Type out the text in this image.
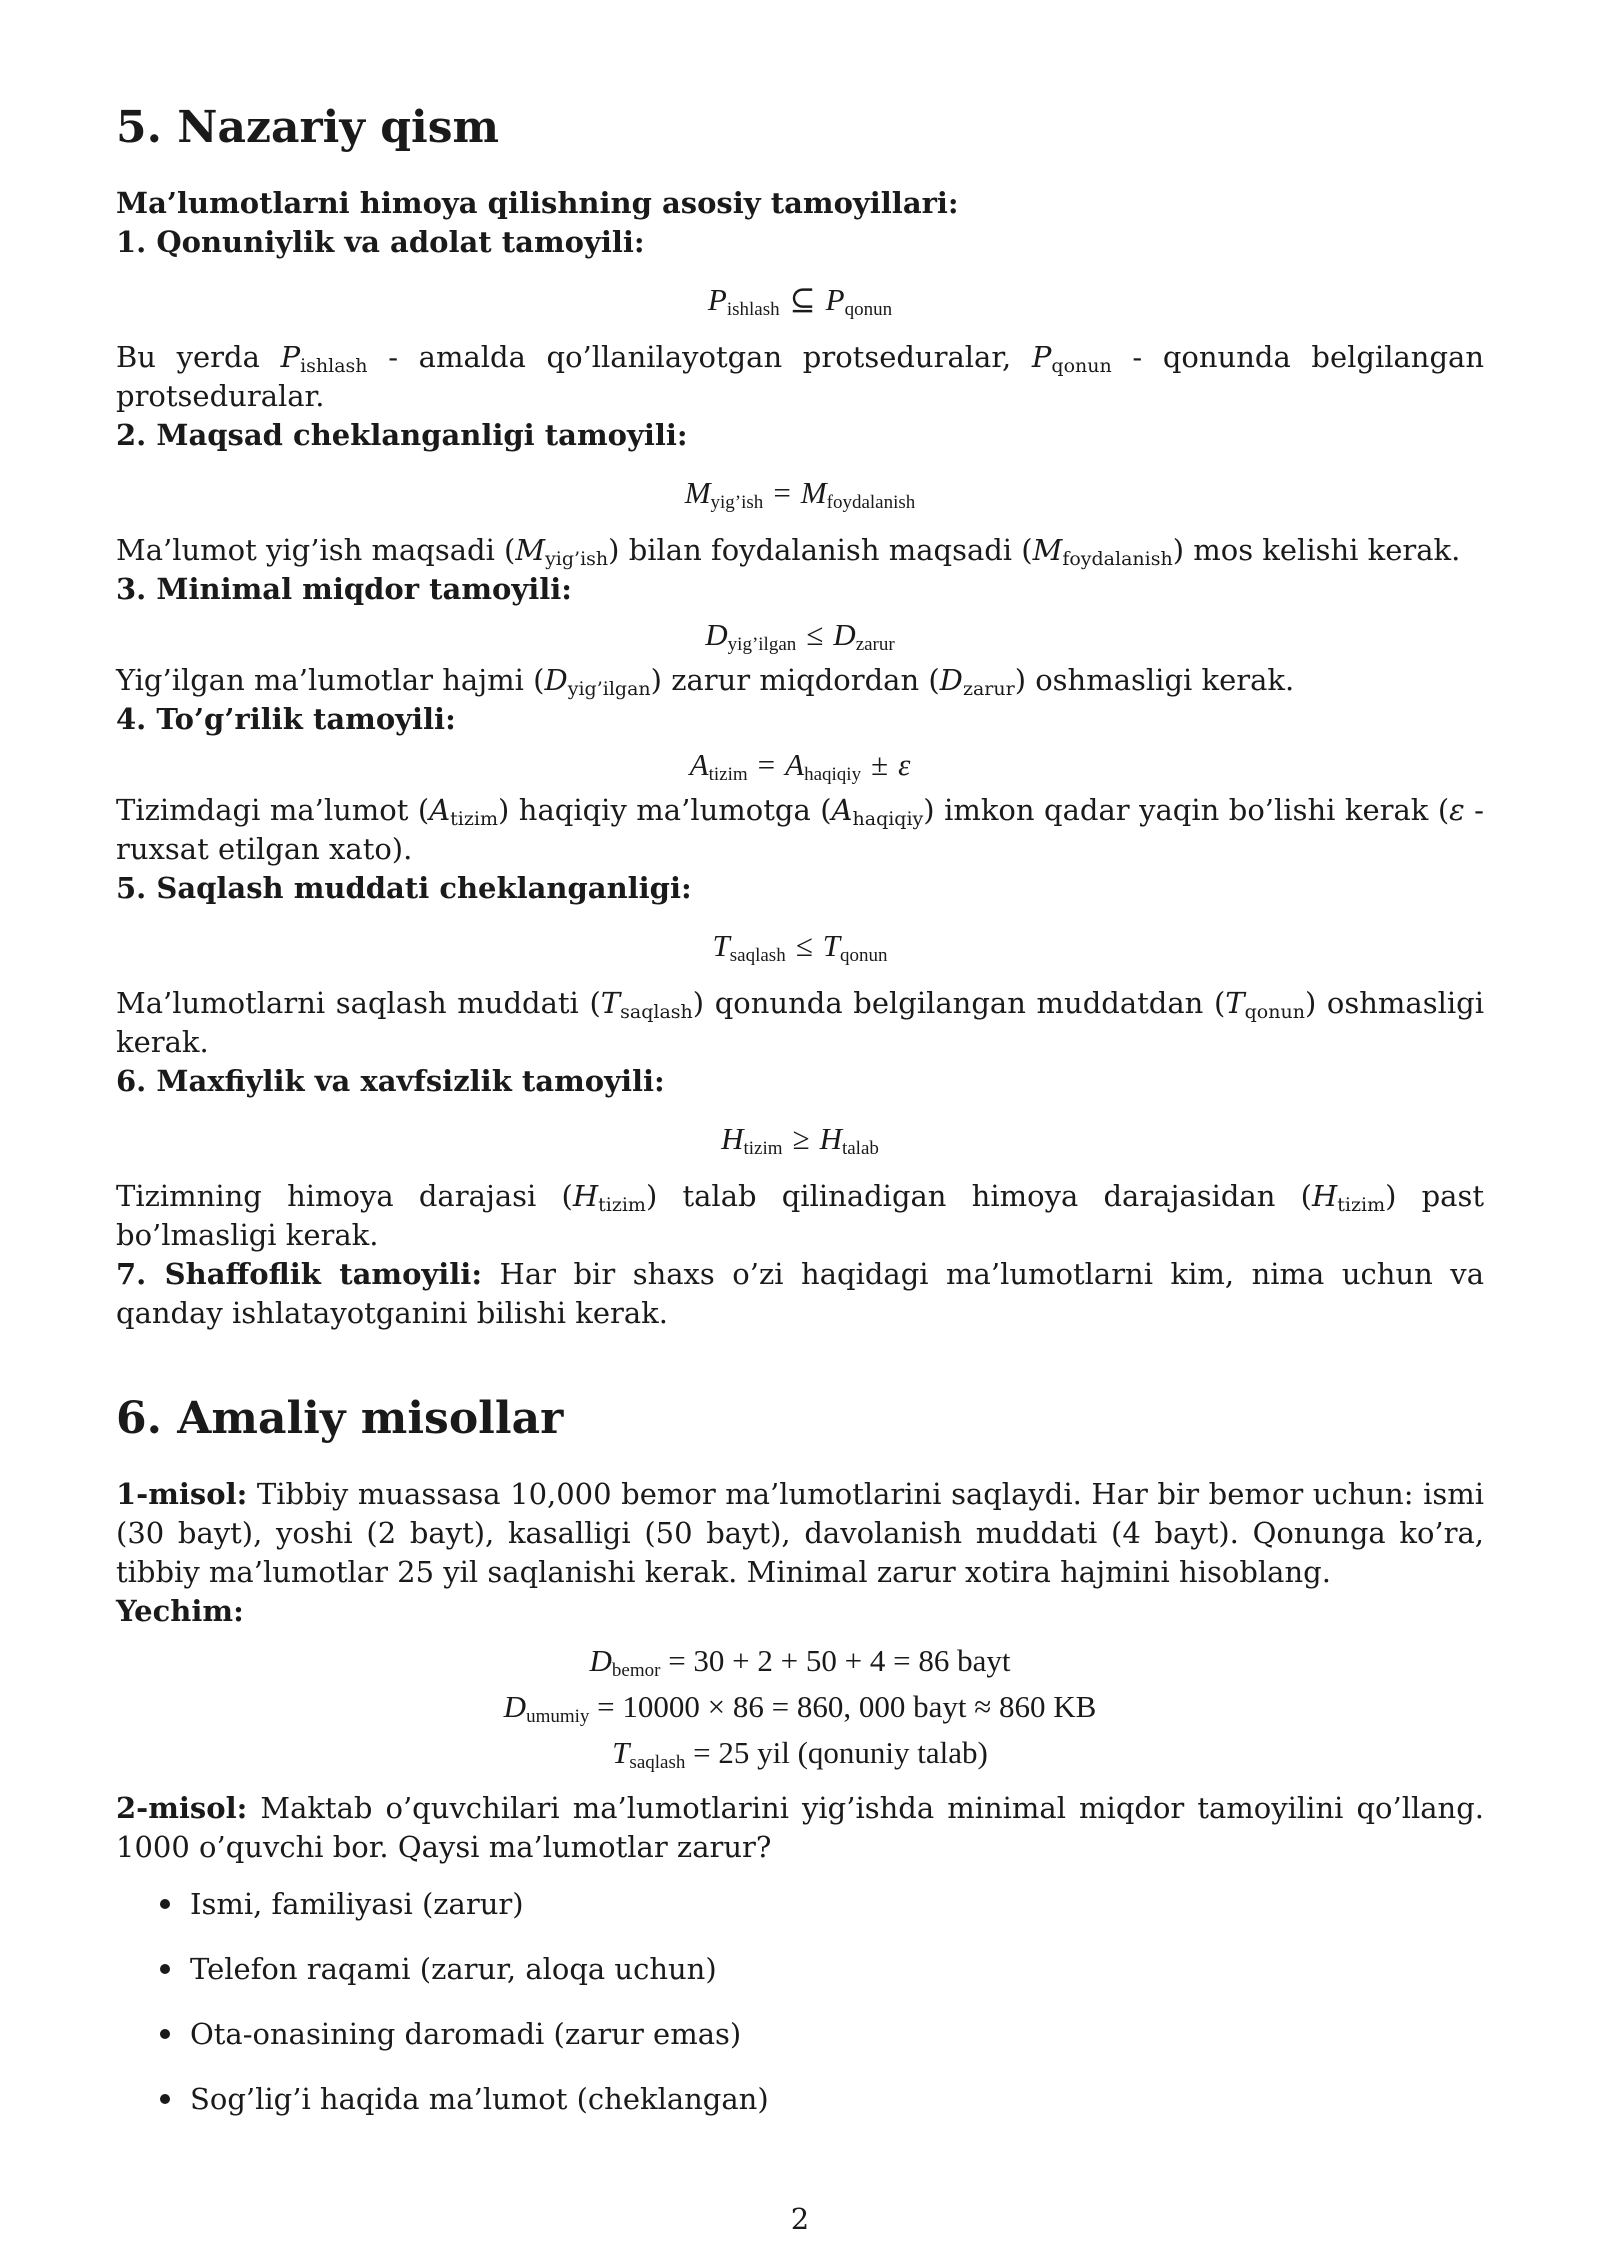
5. Nazariy qism

Ma’lumotlarni himoya qilishning asosiy tamoyillari:

1. Qonuniylik va adolat tamoyili:

$P_{ishlash}$ ⊆ $P_{qonun}$

Bu yerda $P_{ishlash}$ - amalda qo’llanilayotgan protseduralar, $P_{qonun}$ - qonunda belgilangan protseduralar.

2. Maqsad cheklanganligi tamoyili:

$M_{yig’ish} = M_{foydalanish}$

Ma’lumot yig’ish maqsadi $(M_{yig’ish})$ bilan foydalanish maqsadi $(M_{foydalanish})$ mos kelishi kerak.

3. Minimal miqdor tamoyili:

$D_{yig’ilgan} \le D_{zarur}$

Yig’ilgan ma’lumotlar hajmi $(D_{yig’ilgan})$ zarur miqdordan $(D_{zarur})$ oshmasligi kerak.

4. To’g’rilik tamoyili:

$A_{tizim} = A_{haqiqiy} \pm \varepsilon$

Tizimdagi ma’lumot $(A_{tizim})$ haqiqiy ma’lumotga $(A_{haqiqiy})$ imkon qadar yaqin bo’lishi kerak (ε - ruxsat etilgan xato).

5. Saqlash muddati cheklanganligi:

$T_{saqlash} \le T_{qonun}$

Ma’lumotlarni saqlash muddati $(T_{saqlash})$ qonunda belgilangan muddatdan $(T_{qonun})$ oshmasligi kerak.

6. Maxfiylik va xavfsizlik tamoyili:

$H_{tizim} \ge H_{talab}$

Tizimning himoya darajasi $(H_{tizim})$ talab qilinadigan himoya darajasidan $(H_{tizim})$ past bo’lmasligi kerak.

7. Shaffoflik tamoyili: Har bir shaxs o’zi haqidagi ma’lumotlarni kim, nima uchun va qanday ishlatayotganini bilishi kerak.

6. Amaliy misollar

1-misol: Tibbiy muassasa 10,000 bemor ma’lumotlarini saqlaydi. Har bir bemor uchun: ismi (30 bayt), yoshi (2 bayt), kasalligi (50 bayt), davolanish muddati (4 bayt). Qonunga ko’ra, tibbiy ma’lumotlar 25 yil saqlanishi kerak. Minimal zarur xotira hajmini hisoblang.

Yechim:

$D_{bemor} = 30 + 2 + 50 + 4 = 86$ bayt
$D_{umumiy} = 10000 \times 86 = 860$, 000 bayt ≈ 860 KB
$T_{saqlash} = 25$ yil (qonuniy talab)

2-misol: Maktab o’quvchilari ma’lumotlarini yig’ishda minimal miqdor tamoyilini qo’llang. 1000 o’quvchi bor. Qaysi ma’lumotlar zarur?

Ismi, familiyasi (zarur)
Telefon raqami (zarur, aloqa uchun)
Ota-onasining daromadi (zarur emas)
Sog’lig’i haqida ma’lumot (cheklangan)
2
